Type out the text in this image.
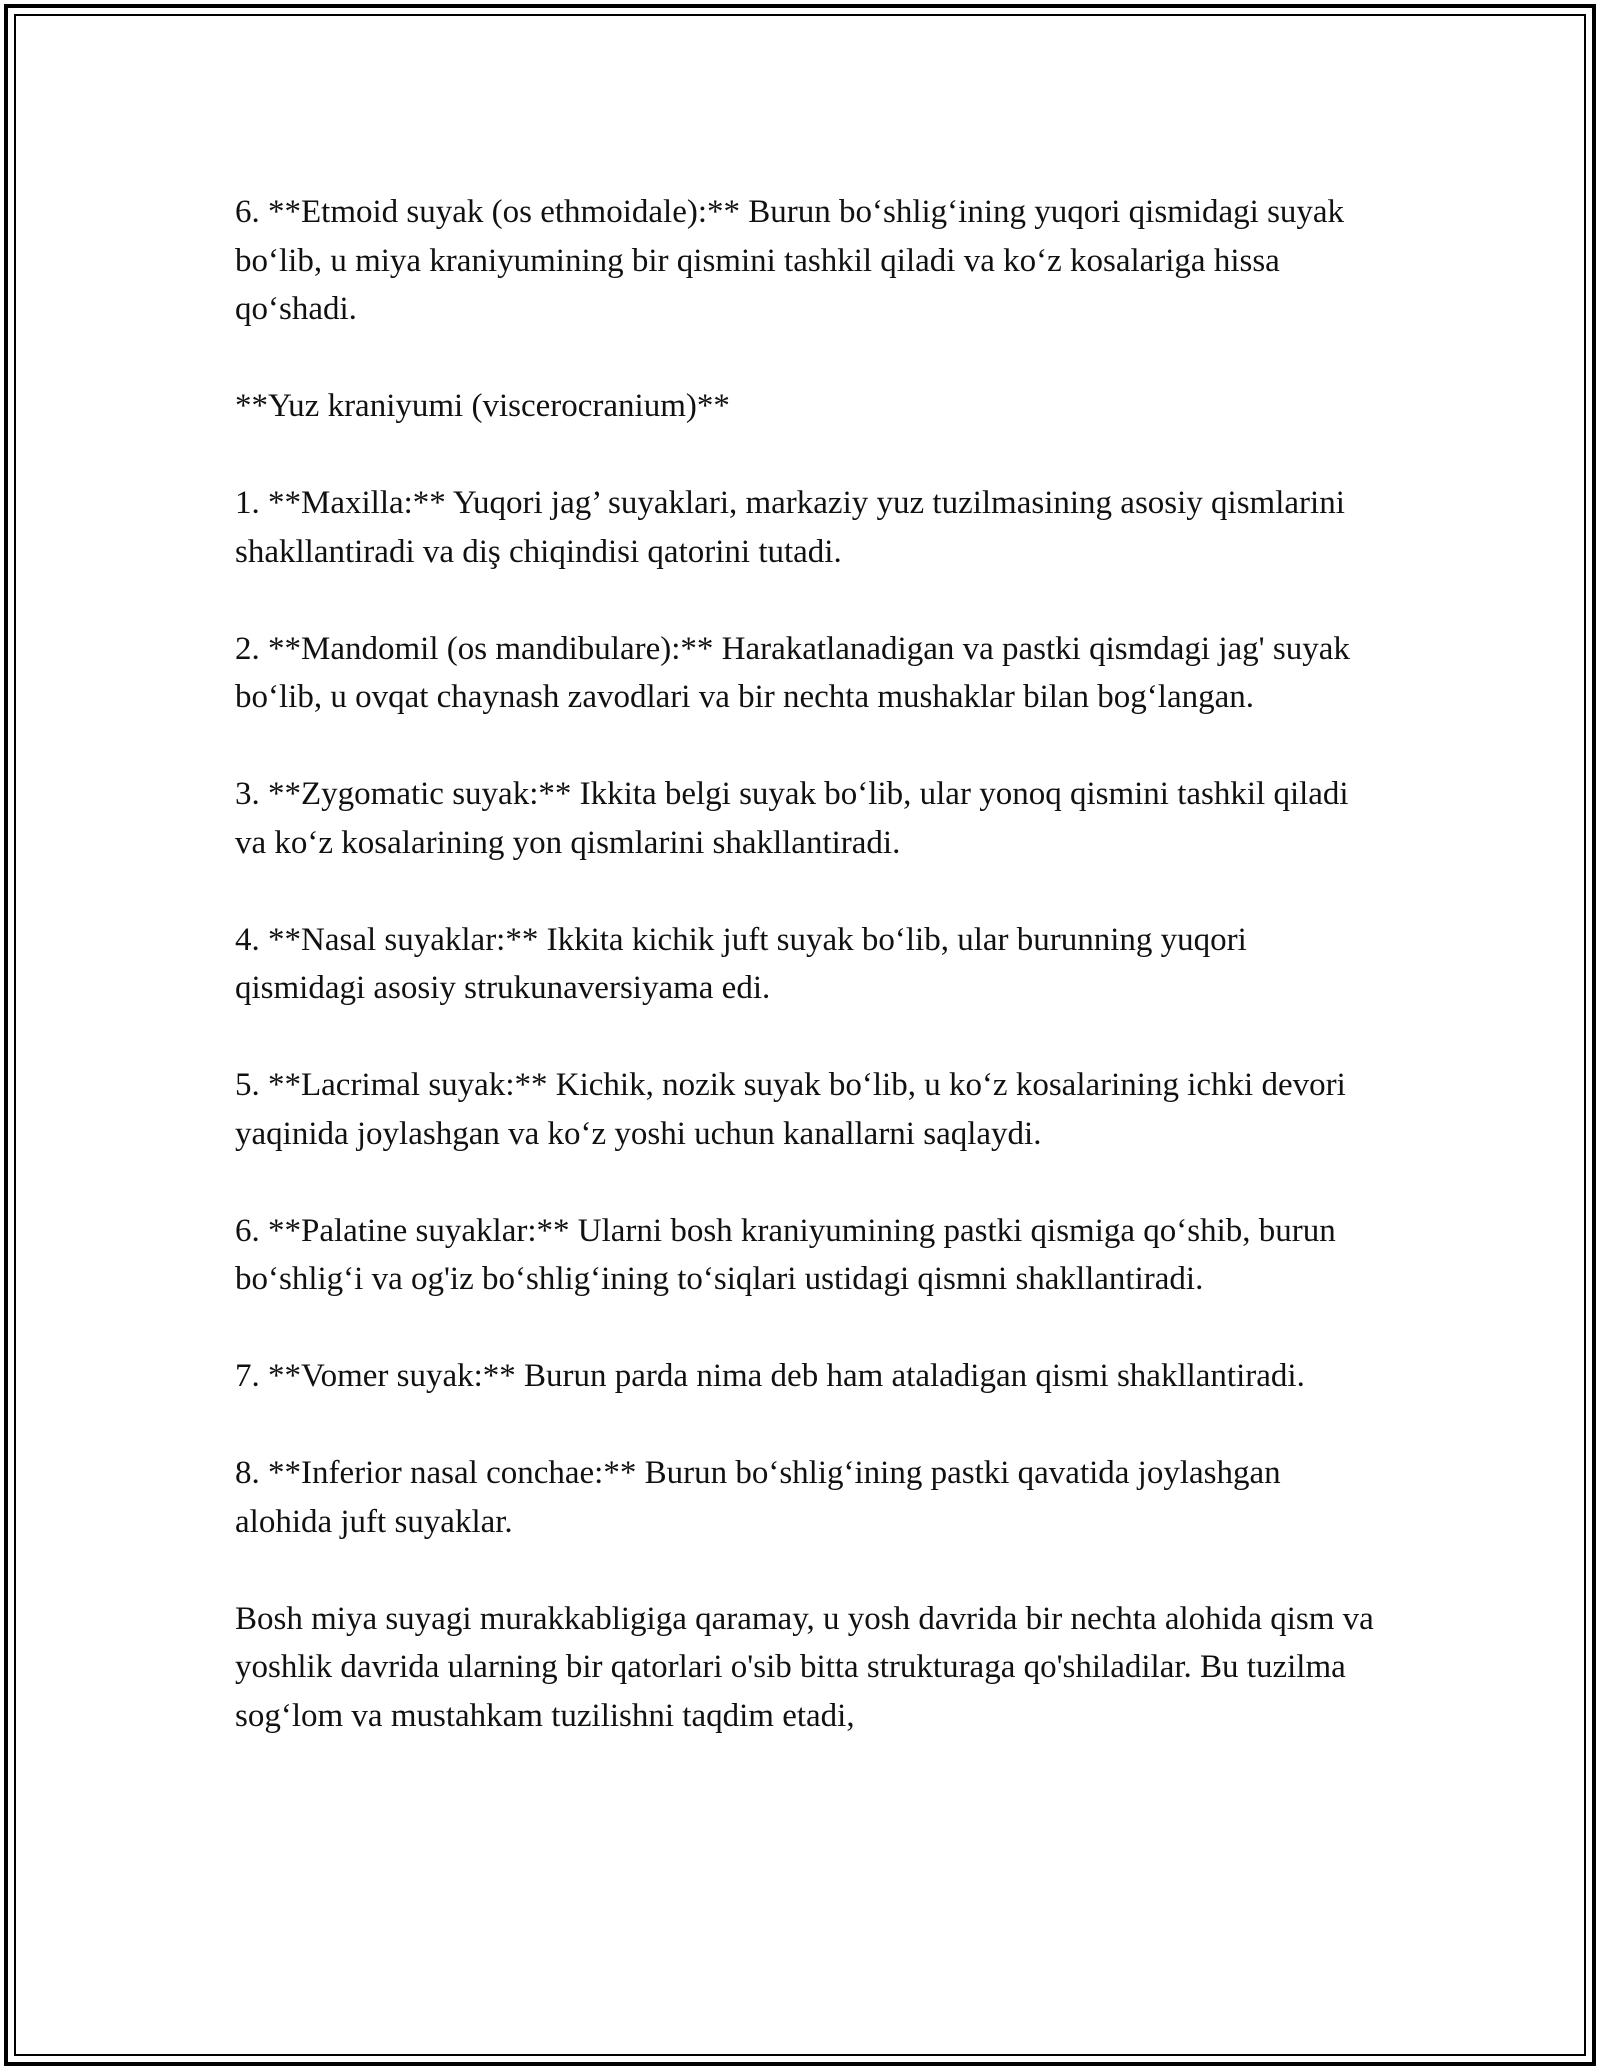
6. **Etmoid suyak (os ethmoidale):** Burun bo‘shlig‘ining yuqori qismidagi suyak bo‘lib, u miya kraniyumining bir qismini tashkil qiladi va ko‘z kosalariga hissa qo‘shadi.

**Yuz kraniyumi (viscerocranium)**

1. **Maxilla:** Yuqori jag’ suyaklari, markaziy yuz tuzilmasining asosiy qismlarini shakllantiradi va diş chiqindisi qatorini tutadi.

2. **Mandomil (os mandibulare):** Harakatlanadigan va pastki qismdagi jag' suyak bo‘lib, u ovqat chaynash zavodlari va bir nechta mushaklar bilan bog‘langan.

3. **Zygomatic suyak:** Ikkita belgi suyak bo‘lib, ular yonoq qismini tashkil qiladi va ko‘z kosalarining yon qismlarini shakllantiradi.

4. **Nasal suyaklar:** Ikkita kichik juft suyak bo‘lib, ular burunning yuqori qismidagi asosiy strukunaversiyama edi.

5. **Lacrimal suyak:** Kichik, nozik suyak bo‘lib, u ko‘z kosalarining ichki devori yaqinida joylashgan va ko‘z yoshi uchun kanallarni saqlaydi.

6. **Palatine suyaklar:** Ularni bosh kraniyumining pastki qismiga qo‘shib, burun bo‘shlig‘i va og'iz bo‘shlig‘ining to‘siqlari ustidagi qismni shakllantiradi.

7. **Vomer suyak:** Burun parda nima deb ham ataladigan qismi shakllantiradi.

8. **Inferior nasal conchae:** Burun bo‘shlig‘ining pastki qavatida joylashgan alohida juft suyaklar.

Bosh miya suyagi murakkabligiga qaramay, u yosh davrida bir nechta alohida qism va yoshlik davrida ularning bir qatorlari o'sib bitta strukturaga qo'shiladilar. Bu tuzilma sog‘lom va mustahkam tuzilishni taqdim etadi,
